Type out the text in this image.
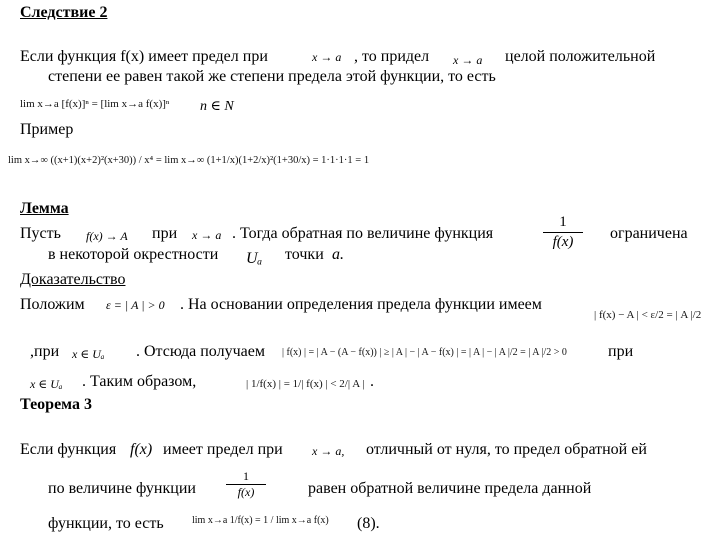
Следствие 2
Если функция f(x) имеет предел при	x → a , то придел x → a целой положительной
степени ее равен такой же степени предела этой функции, то есть
lim x→a [f(x)]ⁿ = [lim x→a f(x)]ⁿ n ∈ N
Пример
lim x→∞ ((x+1)(x+2)²(x+30)) / x⁴ = lim x→∞ (1+1/x)(1+2/x)²(1+30/x) = 1·1·1·1 = 1
Лемма
Пусть f(x) → A при x → a . Тогда обратная по величине функция
1
f(x)	ограничена
в некоторой окрестности Uₐ точки a.
Доказательство
Положим ε = | A | > 0 . На основании определения предела функции имеем
| f(x) − A | < ε/2 = | A |/2
,при x ∈ Uₐ . Отсюда получаем | f(x) | = | A − (A − f(x)) | ≥ | A | − | A − f(x) | = | A | − | A |/2 = | A |/2 > 0	при
x ∈ Uₐ . Таким образом,	| 1/f(x) | = 1/| f(x) | < 2/| A | .
Теорема 3
Если функция f(x) имеет предел при x → a, отличный от нуля, то предел обратной ей
по величине функции
1
f(x)	равен обратной величине предела данной
функции, то есть	lim x→a 1/f(x) = 1 / lim x→a f(x) (8).
